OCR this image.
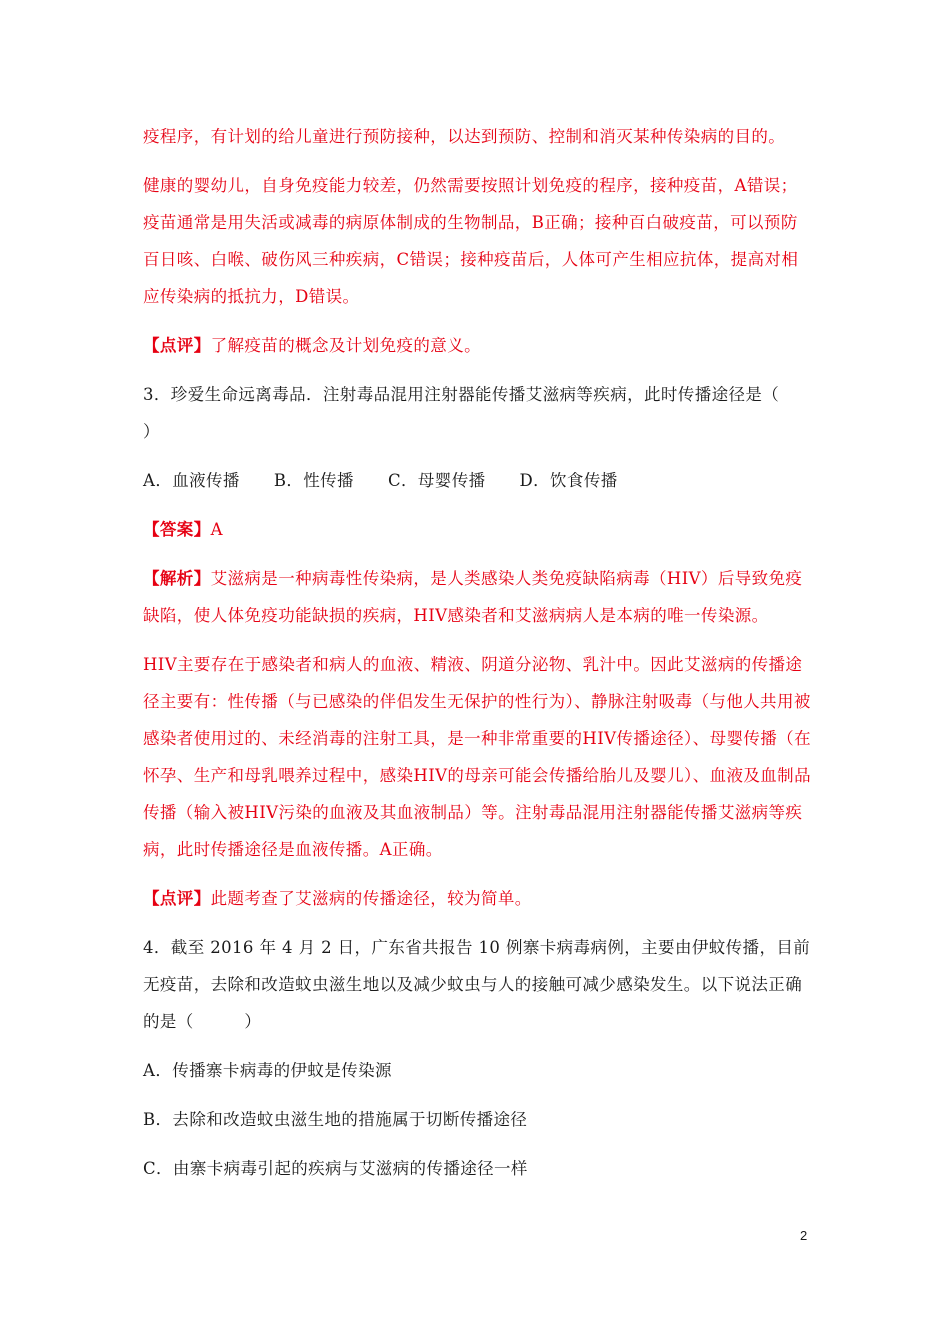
疫程序，有计划的给儿童进行预防接种，以达到预防、控制和消灭某种传染病的目的。

健康的婴幼儿，自身免疫能力较差，仍然需要按照计划免疫的程序，接种疫苗，A错误；疫苗通常是用失活或减毒的病原体制成的生物制品，B正确；接种百白破疫苗，可以预防百日咳、白喉、破伤风三种疾病，C错误；接种疫苗后，人体可产生相应抗体，提高对相应传染病的抵抗力，D错误。

【点评】了解疫苗的概念及计划免疫的意义。

3．珍爱生命远离毒品．注射毒品混用注射器能传播艾滋病等疾病，此时传播途径是（　　）

A．血液传播 B．性传播 C．母婴传播 D．饮食传播

【答案】A

【解析】艾滋病是一种病毒性传染病，是人类感染人类免疫缺陷病毒（HIV）后导致免疫缺陷，使人体免疫功能缺损的疾病，HIV感染者和艾滋病病人是本病的唯一传染源。

HIV主要存在于感染者和病人的血液、精液、阴道分泌物、乳汁中。因此艾滋病的传播途径主要有：性传播（与已感染的伴侣发生无保护的性行为）、静脉注射吸毒（与他人共用被感染者使用过的、未经消毒的注射工具，是一种非常重要的HIV传播途径）、母婴传播（在怀孕、生产和母乳喂养过程中，感染HIV的母亲可能会传播给胎儿及婴儿）、血液及血制品传播（输入被HIV污染的血液及其血液制品）等。注射毒品混用注射器能传播艾滋病等疾病，此时传播途径是血液传播。A正确。

【点评】此题考查了艾滋病的传播途径，较为简单。

4．截至 2016 年 4 月 2 日，广东省共报告 10 例寨卡病毒病例，主要由伊蚊传播，目前无疫苗，去除和改造蚊虫滋生地以及减少蚊虫与人的接触可减少感染发生。以下说法正确的是（　　　）

A．传播寨卡病毒的伊蚊是传染源

B．去除和改造蚊虫滋生地的措施属于切断传播途径

C．由寨卡病毒引起的疾病与艾滋病的传播途径一样

2
